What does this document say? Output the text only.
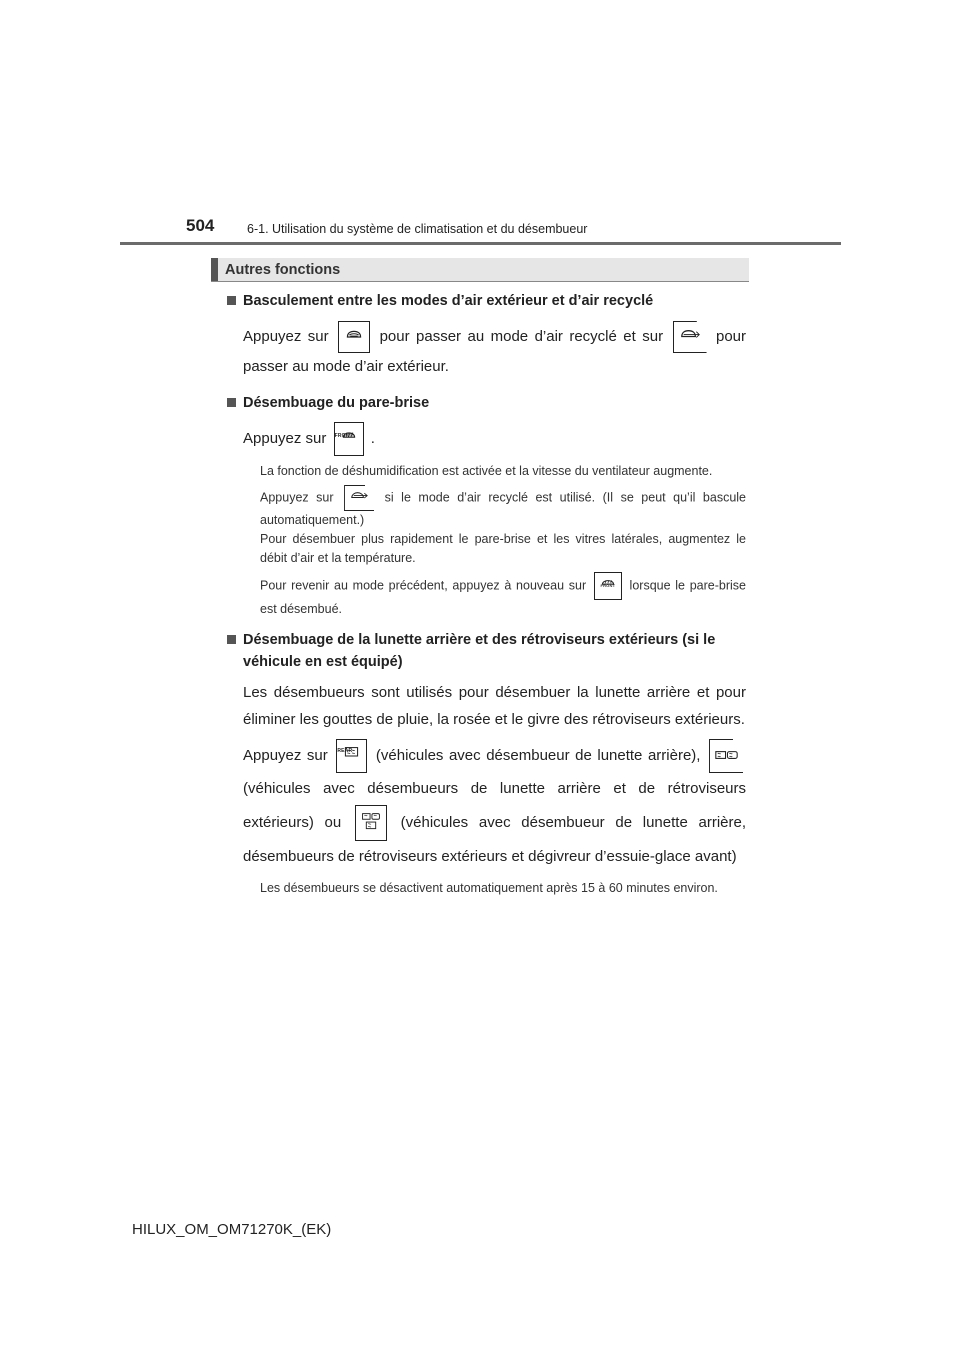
504	6-1. Utilisation du système de climatisation et du désembueur
Autres fonctions
Basculement entre les modes d’air extérieur et d’air recyclé
Appuyez sur	pour passer au mode d’air recyclé et sur	pour passer au mode d’air extérieur.
Désembuage du pare-brise
Appuyez sur FRONT	.
La fonction de déshumidification est activée et la vitesse du ventilateur augmente.
Appuyez sur	si le mode d’air recyclé est utilisé. (Il se peut qu’il bascule automatiquement.)
Pour désembuer plus rapidement le pare-brise et les vitres latérales, augmentez le débit d’air et la température.
Pour revenir au mode précédent, appuyez à nouveau sur	FRONT	lorsque le pare-brise est désembué.
Désembuage de la lunette arrière et des rétroviseurs extérieurs (si le véhicule en est équipé)
Les désembueurs sont utilisés pour désembuer la lunette arrière et pour éliminer les gouttes de pluie, la rosée et le givre des rétroviseurs extérieurs.
Appuyez sur REAR	(véhicules avec désembueur de lunette arrière),
(véhicules avec désembueurs de lunette arrière et de rétroviseurs extérieurs) ou	(véhicules avec désembueur de lunette arrière, désembueurs de rétroviseurs extérieurs et dégivreur d’essuie-glace avant)
Les désembueurs se désactivent automatiquement après 15 à 60 minutes environ.
HILUX_OM_OM71270K_(EK)
